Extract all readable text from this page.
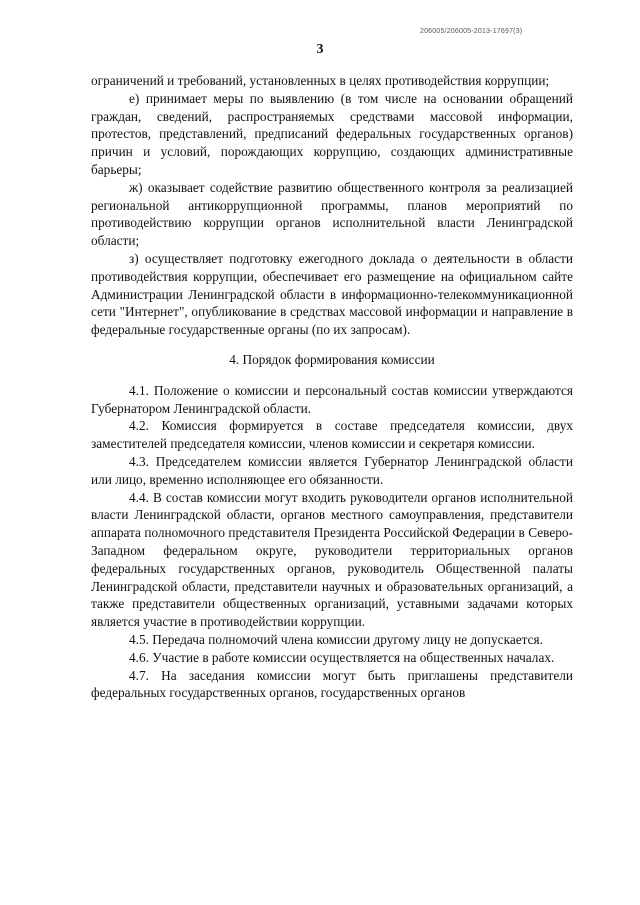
206005/206005-2013-17697(3)
3

ограничений и требований, установленных в целях противодействия коррупции;

е) принимает меры по выявлению (в том числе на основании обращений граждан, сведений, распространяемых средствами массовой информации, протестов, представлений, предписаний федеральных государственных органов) причин и условий, порождающих коррупцию, создающих административные барьеры;

ж) оказывает содействие развитию общественного контроля за реализацией региональной антикоррупционной программы, планов мероприятий по противодействию коррупции органов исполнительной власти Ленинградской области;

з) осуществляет подготовку ежегодного доклада о деятельности в области противодействия коррупции, обеспечивает его размещение на официальном сайте Администрации Ленинградской области в информационно-телекоммуникационной сети "Интернет", опубликование в средствах массовой информации и направление в федеральные государственные органы (по их запросам).

4. Порядок формирования комиссии

4.1. Положение о комиссии и персональный состав комиссии утверждаются Губернатором Ленинградской области.

4.2. Комиссия формируется в составе председателя комиссии, двух заместителей председателя комиссии, членов комиссии и секретаря комиссии.

4.3. Председателем комиссии является Губернатор Ленинградской области или лицо, временно исполняющее его обязанности.

4.4. В состав комиссии могут входить руководители органов исполнительной власти Ленинградской области, органов местного самоуправления, представители аппарата полномочного представителя Президента Российской Федерации в Северо-Западном федеральном округе, руководители территориальных органов федеральных государственных органов, руководитель Общественной палаты Ленинградской области, представители научных и образовательных организаций, а также представители общественных организаций, уставными задачами которых является участие в противодействии коррупции.

4.5. Передача полномочий члена комиссии другому лицу не допускается.

4.6. Участие в работе комиссии осуществляется на общественных началах.

4.7. На заседания комиссии могут быть приглашены представители федеральных государственных органов, государственных органов
